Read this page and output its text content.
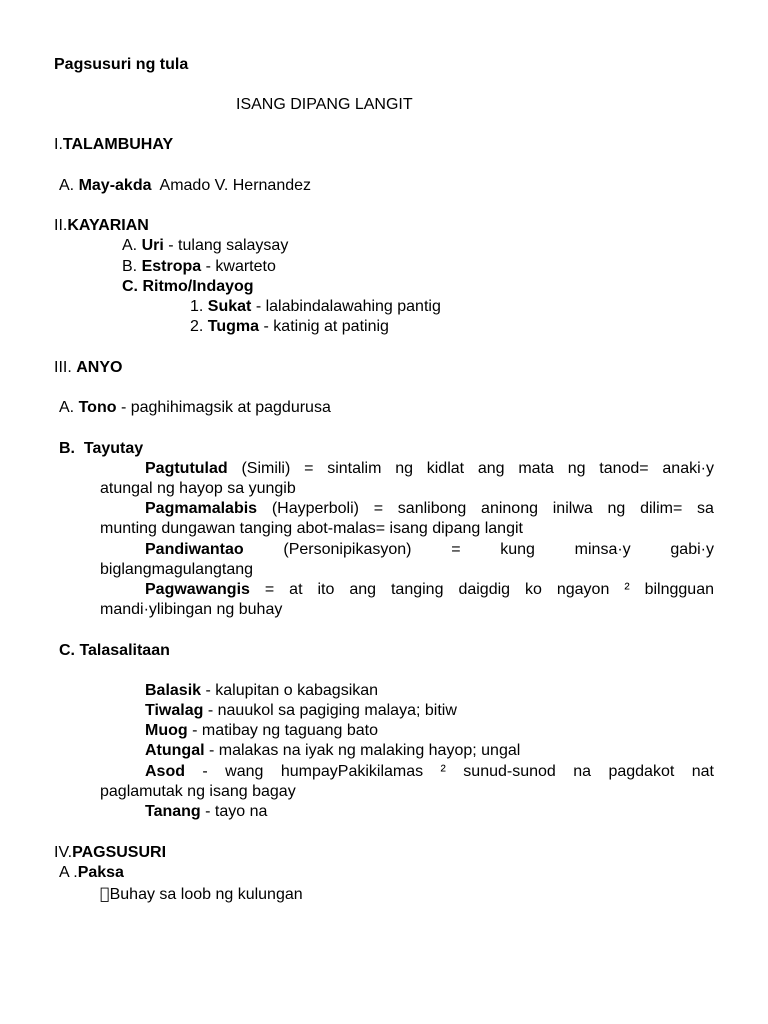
Pagsusuri ng tula
ISANG DIPANG LANGIT
I.TALAMBUHAY
A. May-akda Amado V. Hernandez
II.KAYARIAN
A. Uri - tulang salaysay
B. Estropa - kwarteto
C. Ritmo/Indayog
1. Sukat - lalabindalawahing pantig
2. Tugma - katinig at patinig
III. ANYO
A. Tono - paghihimagsik at pagdurusa
B.  Tayutay
Pagtutulad (Simili) = sintalim ng kidlat ang mata ng tanod= anaki·y
atungal ng hayop sa yungib
Pagmamalabis (Hayperboli) = sanlibong aninong inilwa ng dilim= sa
munting dungawan tanging abot-malas= isang dipang langit
Pandiwantao (Personipikasyon) = kung minsa·y gabi·y
biglangmagulangtang
Pagwawangis = at ito ang tanging daigdig ko ngayon ² bilngguan
mandi·ylibingan ng buhay
C. Talasalitaan
Balasik - kalupitan o kabagsikan
Tiwalag - nauukol sa pagiging malaya; bitiw
Muog - matibay ng taguang bato
Atungal - malakas na iyak ng malaking hayop; ungal
Asod - wang humpayPakikilamas ² sunud-sunod na pagdakot nat
paglamutak ng isang bagay
Tanang - tayo na
IV.PAGSUSURI
A .Paksa
Buhay sa loob ng kulungan
